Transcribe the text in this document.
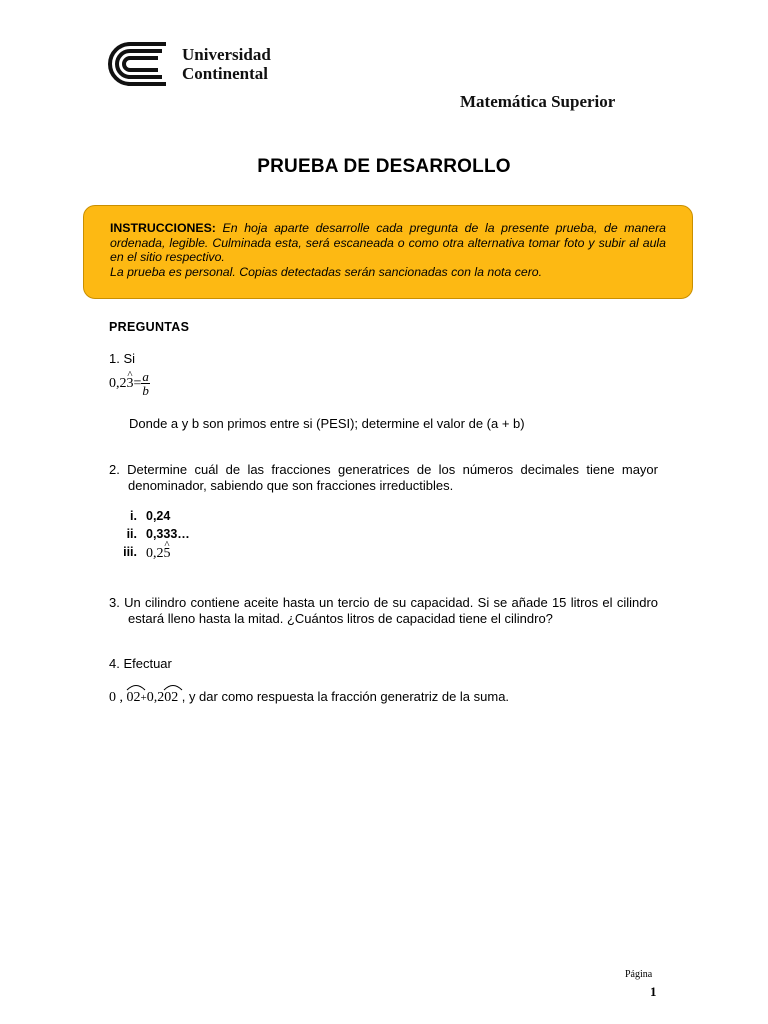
Universidad
Continental
Matemática Superior
PRUEBA DE DESARROLLO
INSTRUCCIONES: En hoja aparte desarrolle cada pregunta de la presente prueba, de manera ordenada, legible. Culminada esta, será escaneada o como otra alternativa tomar foto y subir al aula en el sitio respectivo.
La prueba es personal. Copias detectadas serán sancionadas con la nota cero.
PREGUNTAS
1. Si
0,2^ $3= \frac{a}{b}$
Donde a y b son primos entre si (PESI); determine el valor de (a + b)
2. Determine cuál de las fracciones generatrices de los números decimales tiene mayor denominador, sabiendo que son fracciones irreductibles.
i. 0,24
ii. 0,333…
iii. 0,2^ 5
3. Un cilindro contiene aceite hasta un tercio de su capacidad. Si se añade 15 litros el cilindro estará lleno hasta la mitad. ¿Cuántos litros de capacidad tiene el cilindro?
4. Efectuar
0 , 02+0,2
02 , y dar como respuesta la fracción generatriz de la suma.
Página
1
